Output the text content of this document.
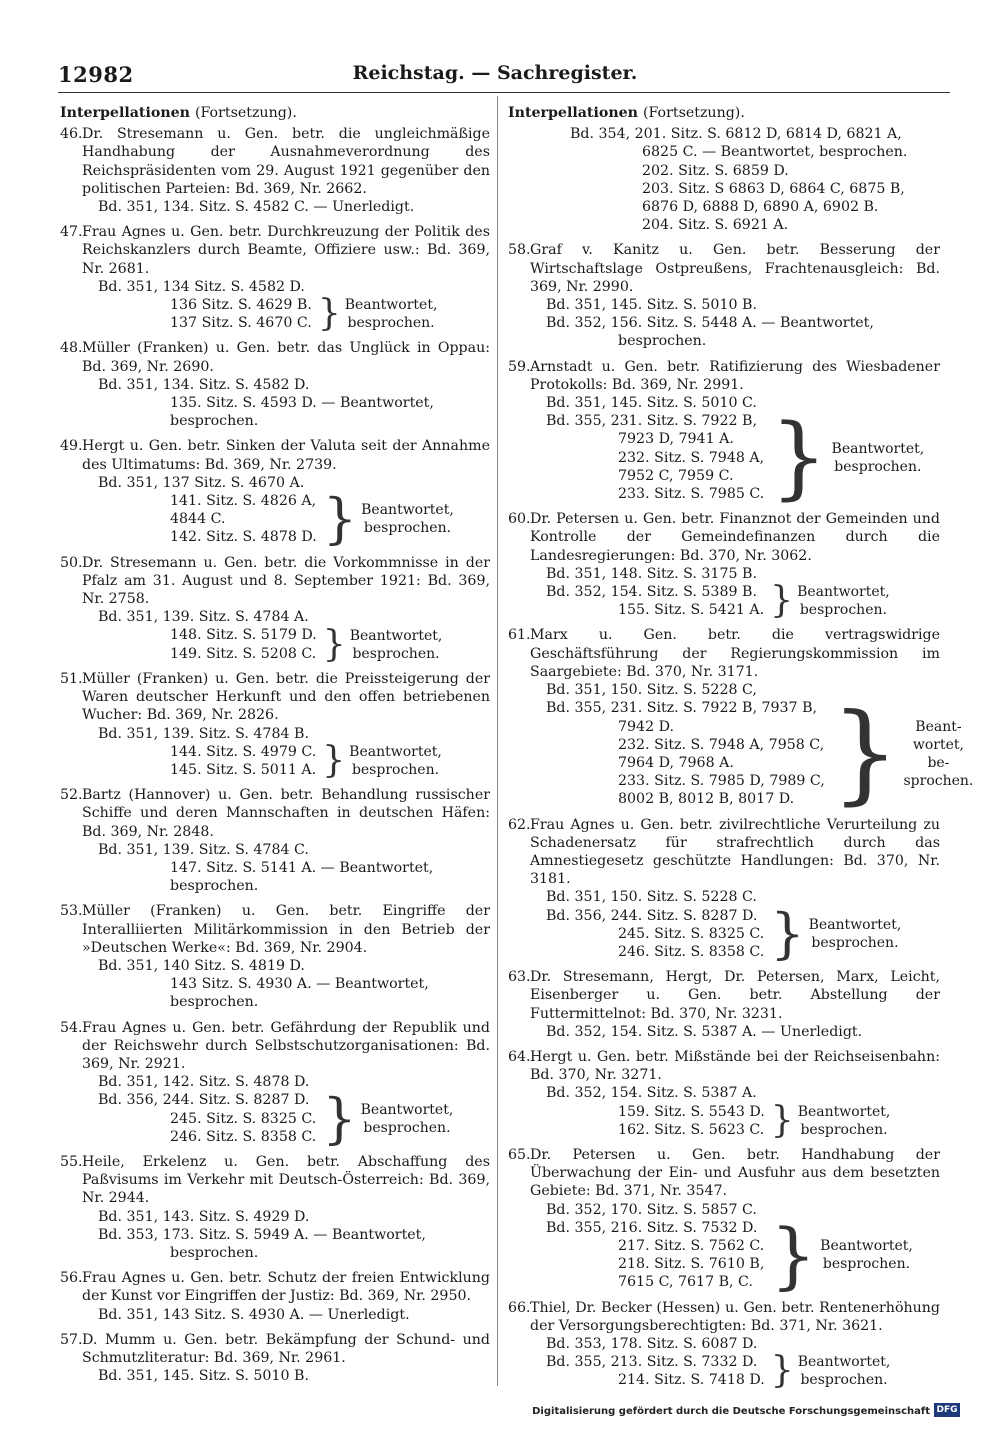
12982	Reichstag. — Sachregister.
Interpellationen (Fortsetzung).
46.Dr. Stresemann u. Gen. betr. die ungleichmäßige Handhabung der Ausnahmeverordnung des Reichspräsidenten vom 29. August 1921 gegenüber den politischen Parteien: Bd. 369, Nr. 2662.
Bd. 351, 134. Sitz. S. 4582 C. — Unerledigt.
47.Frau Agnes u. Gen. betr. Durchkreuzung der Politik des Reichskanzlers durch Beamte, Offiziere usw.: Bd. 369, Nr. 2681.
Bd. 351, 134 Sitz. S. 4582 D.
136 Sitz. S. 4629 B.
137 Sitz. S. 4670 C. } Beantwortet,
besprochen.
48.Müller (Franken) u. Gen. betr. das Unglück in Oppau: Bd. 369, Nr. 2690.
Bd. 351, 134. Sitz. S. 4582 D.
135. Sitz. S. 4593 D. — Beantwortet,
besprochen.
49.Hergt u. Gen. betr. Sinken der Valuta seit der Annahme des Ultimatums: Bd. 369, Nr. 2739.
Bd. 351, 137 Sitz. S. 4670 A.
141. Sitz. S. 4826 A,
4844 C.
142. Sitz. S. 4878 D. } Beantwortet,
besprochen.
50.Dr. Stresemann u. Gen. betr. die Vorkommnisse in der Pfalz am 31. August und 8. September 1921: Bd. 369, Nr. 2758.
Bd. 351, 139. Sitz. S. 4784 A.
148. Sitz. S. 5179 D.
149. Sitz. S. 5208 C. } Beantwortet,
besprochen.
51.Müller (Franken) u. Gen. betr. die Preissteigerung der Waren deutscher Herkunft und den offen betriebenen Wucher: Bd. 369, Nr. 2826.
Bd. 351, 139. Sitz. S. 4784 B.
144. Sitz. S. 4979 C.
145. Sitz. S. 5011 A. } Beantwortet,
besprochen.
52.Bartz (Hannover) u. Gen. betr. Behandlung russischer Schiffe und deren Mannschaften in deutschen Häfen: Bd. 369, Nr. 2848.
Bd. 351, 139. Sitz. S. 4784 C.
147. Sitz. S. 5141 A. — Beantwortet,
besprochen.
53.Müller (Franken) u. Gen. betr. Eingriffe der Interalliierten Militärkommission in den Betrieb der »Deutschen Werke«: Bd. 369, Nr. 2904.
Bd. 351, 140 Sitz. S. 4819 D.
143 Sitz. S. 4930 A. — Beantwortet,
besprochen.
54.Frau Agnes u. Gen. betr. Gefährdung der Republik und der Reichswehr durch Selbstschutzorganisationen: Bd. 369, Nr. 2921.
Bd. 351, 142. Sitz. S. 4878 D.
Bd. 356, 244. Sitz. S. 8287 D.
245. Sitz. S. 8325 C.
246. Sitz. S. 8358 C. } Beantwortet,
besprochen.
55.Heile, Erkelenz u. Gen. betr. Abschaffung des Paßvisums im Verkehr mit Deutsch-Österreich: Bd. 369, Nr. 2944.
Bd. 351, 143. Sitz. S. 4929 D.
Bd. 353, 173. Sitz. S. 5949 A. — Beantwortet,
besprochen.
56.Frau Agnes u. Gen. betr. Schutz der freien Entwicklung der Kunst vor Eingriffen der Justiz: Bd. 369, Nr. 2950.
Bd. 351, 143 Sitz. S. 4930 A. — Unerledigt.
57.D. Mumm u. Gen. betr. Bekämpfung der Schund- und Schmutzliteratur: Bd. 369, Nr. 2961.
Bd. 351, 145. Sitz. S. 5010 B.
Interpellationen (Fortsetzung).
Bd. 354, 201. Sitz. S. 6812 D, 6814 D, 6821 A,
6825 C. — Beantwortet, besprochen.
202. Sitz. S. 6859 D.
203. Sitz. S 6863 D, 6864 C, 6875 B,
6876 D, 6888 D, 6890 A, 6902 B.
204. Sitz. S. 6921 A.
58.Graf v. Kanitz u. Gen. betr. Besserung der Wirtschaftslage Ostpreußens, Frachtenausgleich: Bd. 369, Nr. 2990.
Bd. 351, 145. Sitz. S. 5010 B.
Bd. 352, 156. Sitz. S. 5448 A. — Beantwortet,
besprochen.
59.Arnstadt u. Gen. betr. Ratifizierung des Wiesbadener Protokolls: Bd. 369, Nr. 2991.
Bd. 351, 145. Sitz. S. 5010 C.
Bd. 355, 231. Sitz. S. 7922 B,
7923 D, 7941 A.
232. Sitz. S. 7948 A,
7952 C, 7959 C.
233. Sitz. S. 7985 C. } Beantwortet,
besprochen.
60.Dr. Petersen u. Gen. betr. Finanznot der Gemeinden und Kontrolle der Gemeindefinanzen durch die Landesregierungen: Bd. 370, Nr. 3062.
Bd. 351, 148. Sitz. S. 3175 B.
Bd. 352, 154. Sitz. S. 5389 B.
155. Sitz. S. 5421 A. } Beantwortet,
besprochen.
61.Marx u. Gen. betr. die vertragswidrige Geschäftsführung der Regierungskommission im Saargebiete: Bd. 370, Nr. 3171.
Bd. 351, 150. Sitz. S. 5228 C,
Bd. 355, 231. Sitz. S. 7922 B, 7937 B,
7942 D.
232. Sitz. S. 7948 A, 7958 C,
7964 D, 7968 A.
233. Sitz. S. 7985 D, 7989 C,
8002 B, 8012 B, 8017 D. }	Beant-
wortet,
be-
sprochen.
62.Frau Agnes u. Gen. betr. zivilrechtliche Verurteilung zu Schadenersatz für strafrechtlich durch das Amnestiegesetz geschützte Handlungen: Bd. 370, Nr. 3181.
Bd. 351, 150. Sitz. S. 5228 C.
Bd. 356, 244. Sitz. S. 8287 D.
245. Sitz. S. 8325 C.
246. Sitz. S. 8358 C. } Beantwortet,
besprochen.
63.Dr. Stresemann, Hergt, Dr. Petersen, Marx, Leicht, Eisenberger u. Gen. betr. Abstellung der Futtermittelnot: Bd. 370, Nr. 3231.
Bd. 352, 154. Sitz. S. 5387 A. — Unerledigt.
64.Hergt u. Gen. betr. Mißstände bei der Reichseisenbahn: Bd. 370, Nr. 3271.
Bd. 352, 154. Sitz. S. 5387 A.
159. Sitz. S. 5543 D.
162. Sitz. S. 5623 C. } Beantwortet,
besprochen.
65.Dr. Petersen u. Gen. betr. Handhabung der Überwachung der Ein- und Ausfuhr aus dem besetzten Gebiete: Bd. 371, Nr. 3547.
Bd. 352, 170. Sitz. S. 5857 C.
Bd. 355, 216. Sitz. S. 7532 D.
217. Sitz. S. 7562 C.
218. Sitz. S. 7610 B,
7615 C, 7617 B, C. } Beantwortet,
besprochen.
66.Thiel, Dr. Becker (Hessen) u. Gen. betr. Rentenerhöhung der Versorgungsberechtigten: Bd. 371, Nr. 3621.
Bd. 353, 178. Sitz. S. 6087 D.
Bd. 355, 213. Sitz. S. 7332 D.
214. Sitz. S. 7418 D. } Beantwortet,
besprochen.
Digitalisierung gefördert durch die Deutsche Forschungsgemeinschaft DFG
